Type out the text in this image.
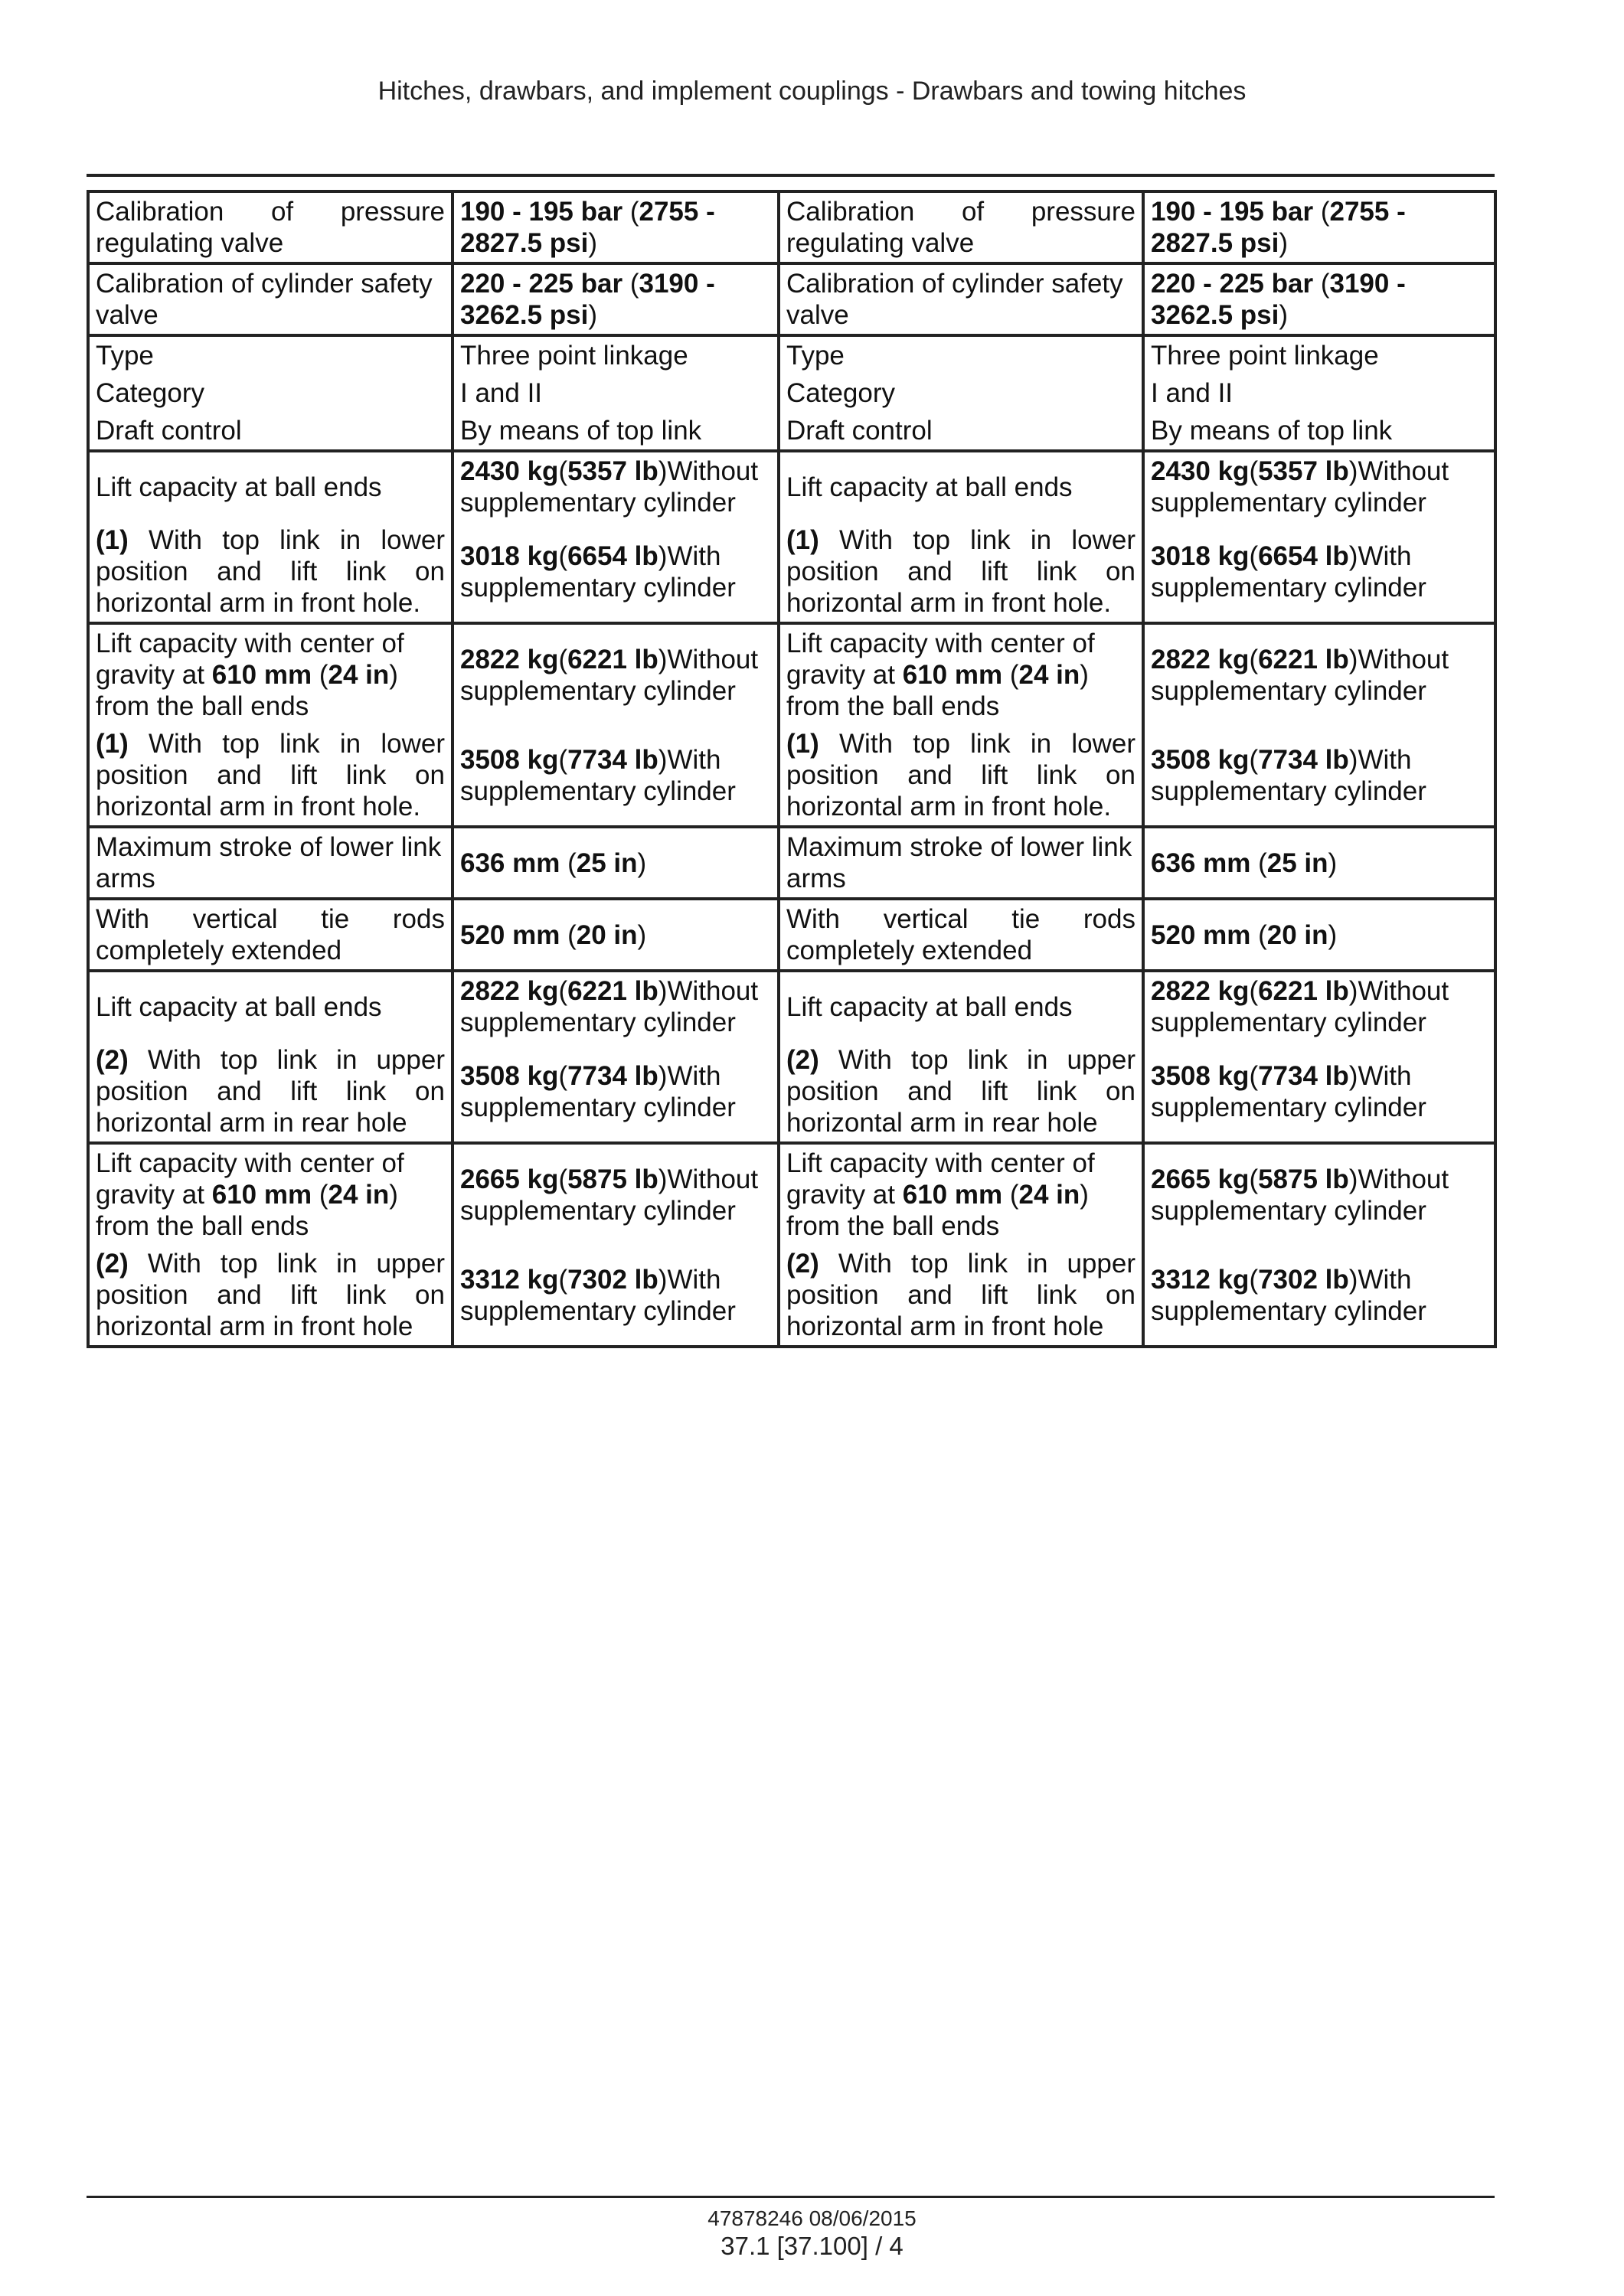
Hitches, drawbars, and implement couplings - Drawbars and towing hitches
Calibration of pressure regulating valve	190 - 195 bar (2755 - 2827.5 psi)	Calibration of pressure regulating valve	190 - 195 bar (2755 - 2827.5 psi)
Calibration of cylinder safety valve	220 - 225 bar (3190 - 3262.5 psi)	Calibration of cylinder safety valve	220 - 225 bar (3190 - 3262.5 psi)
Type	Three point linkage	Type	Three point linkage
Category	I and II	Category	I and II
Draft control	By means of top link	Draft control	By means of top link
Lift capacity at ball ends	2430 kg(5357 lb)Without supplementary cylinder	Lift capacity at ball ends	2430 kg(5357 lb)Without supplementary cylinder
(1) With top link in lower position and lift link on horizontal arm in front hole.	3018 kg(6654 lb)With supplementary cylinder	(1) With top link in lower position and lift link on horizontal arm in front hole.	3018 kg(6654 lb)With supplementary cylinder
Lift capacity with center of gravity at 610 mm (24 in) from the ball ends	2822 kg(6221 lb)Without supplementary cylinder	Lift capacity with center of gravity at 610 mm (24 in) from the ball ends	2822 kg(6221 lb)Without supplementary cylinder
(1) With top link in lower position and lift link on horizontal arm in front hole.	3508 kg(7734 lb)With supplementary cylinder	(1) With top link in lower position and lift link on horizontal arm in front hole.	3508 kg(7734 lb)With supplementary cylinder
Maximum stroke of lower link arms	636 mm (25 in)	Maximum stroke of lower link arms	636 mm (25 in)
With vertical tie rods completely extended	520 mm (20 in)	With vertical tie rods completely extended	520 mm (20 in)
Lift capacity at ball ends	2822 kg(6221 lb)Without supplementary cylinder	Lift capacity at ball ends	2822 kg(6221 lb)Without supplementary cylinder
(2) With top link in upper position and lift link on horizontal arm in rear hole	3508 kg(7734 lb)With supplementary cylinder	(2) With top link in upper position and lift link on horizontal arm in rear hole	3508 kg(7734 lb)With supplementary cylinder
Lift capacity with center of gravity at 610 mm (24 in) from the ball ends	2665 kg(5875 lb)Without supplementary cylinder	Lift capacity with center of gravity at 610 mm (24 in) from the ball ends	2665 kg(5875 lb)Without supplementary cylinder
(2) With top link in upper position and lift link on horizontal arm in front hole	3312 kg(7302 lb)With supplementary cylinder	(2) With top link in upper position and lift link on horizontal arm in front hole	3312 kg(7302 lb)With supplementary cylinder
47878246 08/06/2015
37.1 [37.100] / 4
